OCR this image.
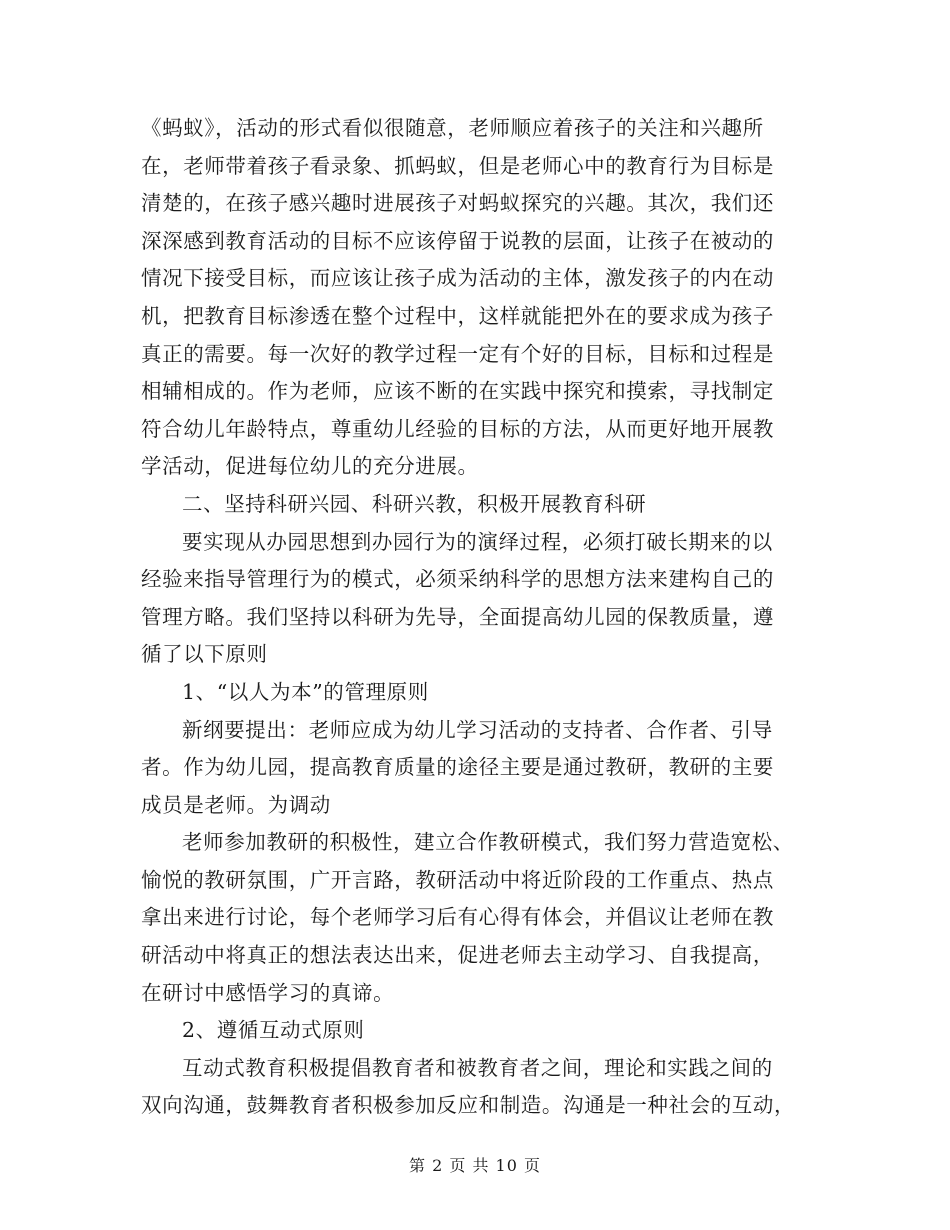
《蚂蚁》，活动的形式看似很随意，老师顺应着孩子的关注和兴趣所
在，老师带着孩子看录象、抓蚂蚁，但是老师心中的教育行为目标是
清楚的，在孩子感兴趣时进展孩子对蚂蚁探究的兴趣。其次，我们还
深深感到教育活动的目标不应该停留于说教的层面，让孩子在被动的
情况下接受目标，而应该让孩子成为活动的主体，激发孩子的内在动
机，把教育目标渗透在整个过程中，这样就能把外在的要求成为孩子
真正的需要。每一次好的教学过程一定有个好的目标，目标和过程是
相辅相成的。作为老师，应该不断的在实践中探究和摸索，寻找制定
符合幼儿年龄特点，尊重幼儿经验的目标的方法，从而更好地开展教
学活动，促进每位幼儿的充分进展。
二、坚持科研兴园、科研兴教，积极开展教育科研
要实现从办园思想到办园行为的演绎过程，必须打破长期来的以
经验来指导管理行为的模式，必须采纳科学的思想方法来建构自己的
管理方略。我们坚持以科研为先导，全面提高幼儿园的保教质量，遵
循了以下原则
1、“以人为本”的管理原则
新纲要提出：老师应成为幼儿学习活动的支持者、合作者、引导
者。作为幼儿园，提高教育质量的途径主要是通过教研，教研的主要
成员是老师。为调动
老师参加教研的积极性，建立合作教研模式，我们努力营造宽松、
愉悦的教研氛围，广开言路，教研活动中将近阶段的工作重点、热点
拿出来进行讨论，每个老师学习后有心得有体会，并倡议让老师在教
研活动中将真正的想法表达出来，促进老师去主动学习、自我提高，
在研讨中感悟学习的真谛。
2、遵循互动式原则
互动式教育积极提倡教育者和被教育者之间，理论和实践之间的
双向沟通，鼓舞教育者积极参加反应和制造。沟通是一种社会的互动，
第 2 页 共 10 页
